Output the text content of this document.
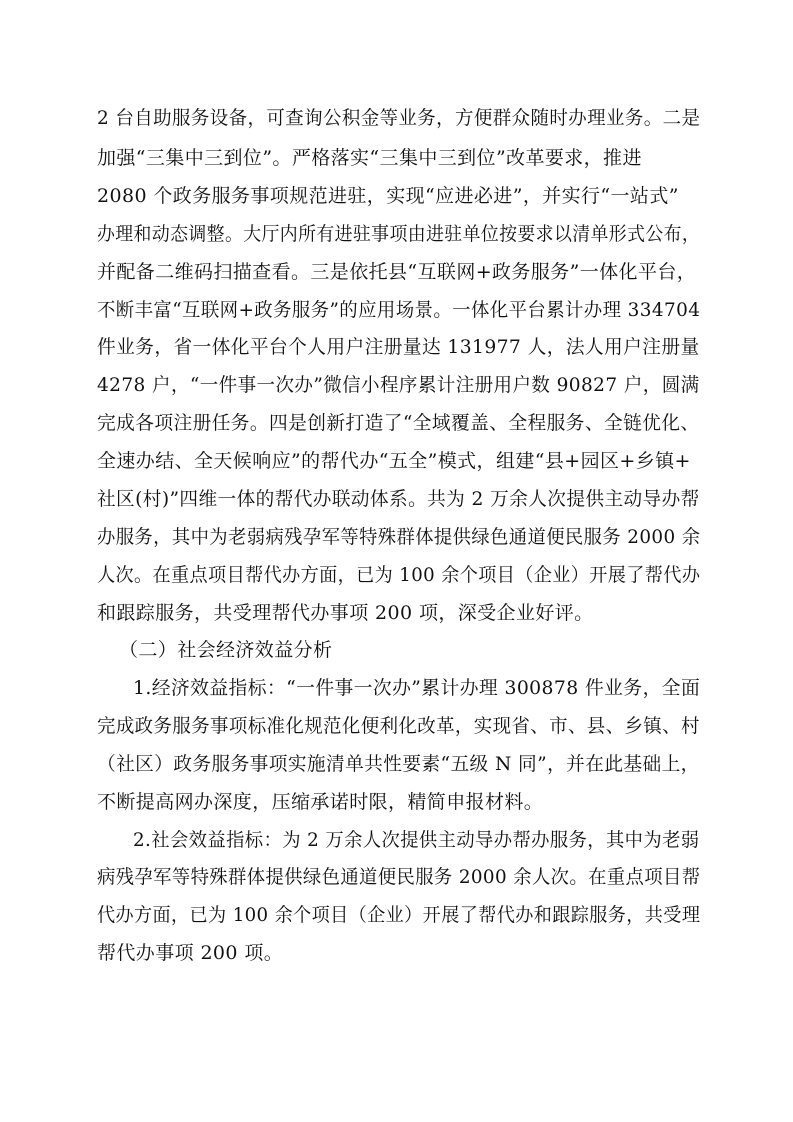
2 台自助服务设备，可查询公积金等业务，方便群众随时办理业务。二是
加强“三集中三到位”。严格落实“三集中三到位”改革要求，推进
2080 个政务服务事项规范进驻，实现“应进必进”，并实行“一站式”
办理和动态调整。大厅内所有进驻事项由进驻单位按要求以清单形式公布，
并配备二维码扫描查看。三是依托县“互联网+政务服务”一体化平台，
不断丰富“互联网+政务服务”的应用场景。一体化平台累计办理 334704
件业务，省一体化平台个人用户注册量达 131977 人，法人用户注册量
4278 户，“一件事一次办”微信小程序累计注册用户数 90827 户，圆满
完成各项注册任务。四是创新打造了“全域覆盖、全程服务、全链优化、
全速办结、全天候响应”的帮代办“五全”模式，组建“县+园区+乡镇+
社区(村)”四维一体的帮代办联动体系。共为 2 万余人次提供主动导办帮
办服务，其中为老弱病残孕军等特殊群体提供绿色通道便民服务 2000 余
人次。在重点项目帮代办方面，已为 100 余个项目（企业）开展了帮代办
和跟踪服务，共受理帮代办事项 200 项，深受企业好评。
（二）社会经济效益分析
1.经济效益指标：“一件事一次办”累计办理 300878 件业务，全面
完成政务服务事项标准化规范化便利化改革，实现省、市、县、乡镇、村
（社区）政务服务事项实施清单共性要素“五级 N 同”，并在此基础上，
不断提高网办深度，压缩承诺时限，精简申报材料。
2.社会效益指标：为 2 万余人次提供主动导办帮办服务，其中为老弱
病残孕军等特殊群体提供绿色通道便民服务 2000 余人次。在重点项目帮
代办方面，已为 100 余个项目（企业）开展了帮代办和跟踪服务，共受理
帮代办事项 200 项。
